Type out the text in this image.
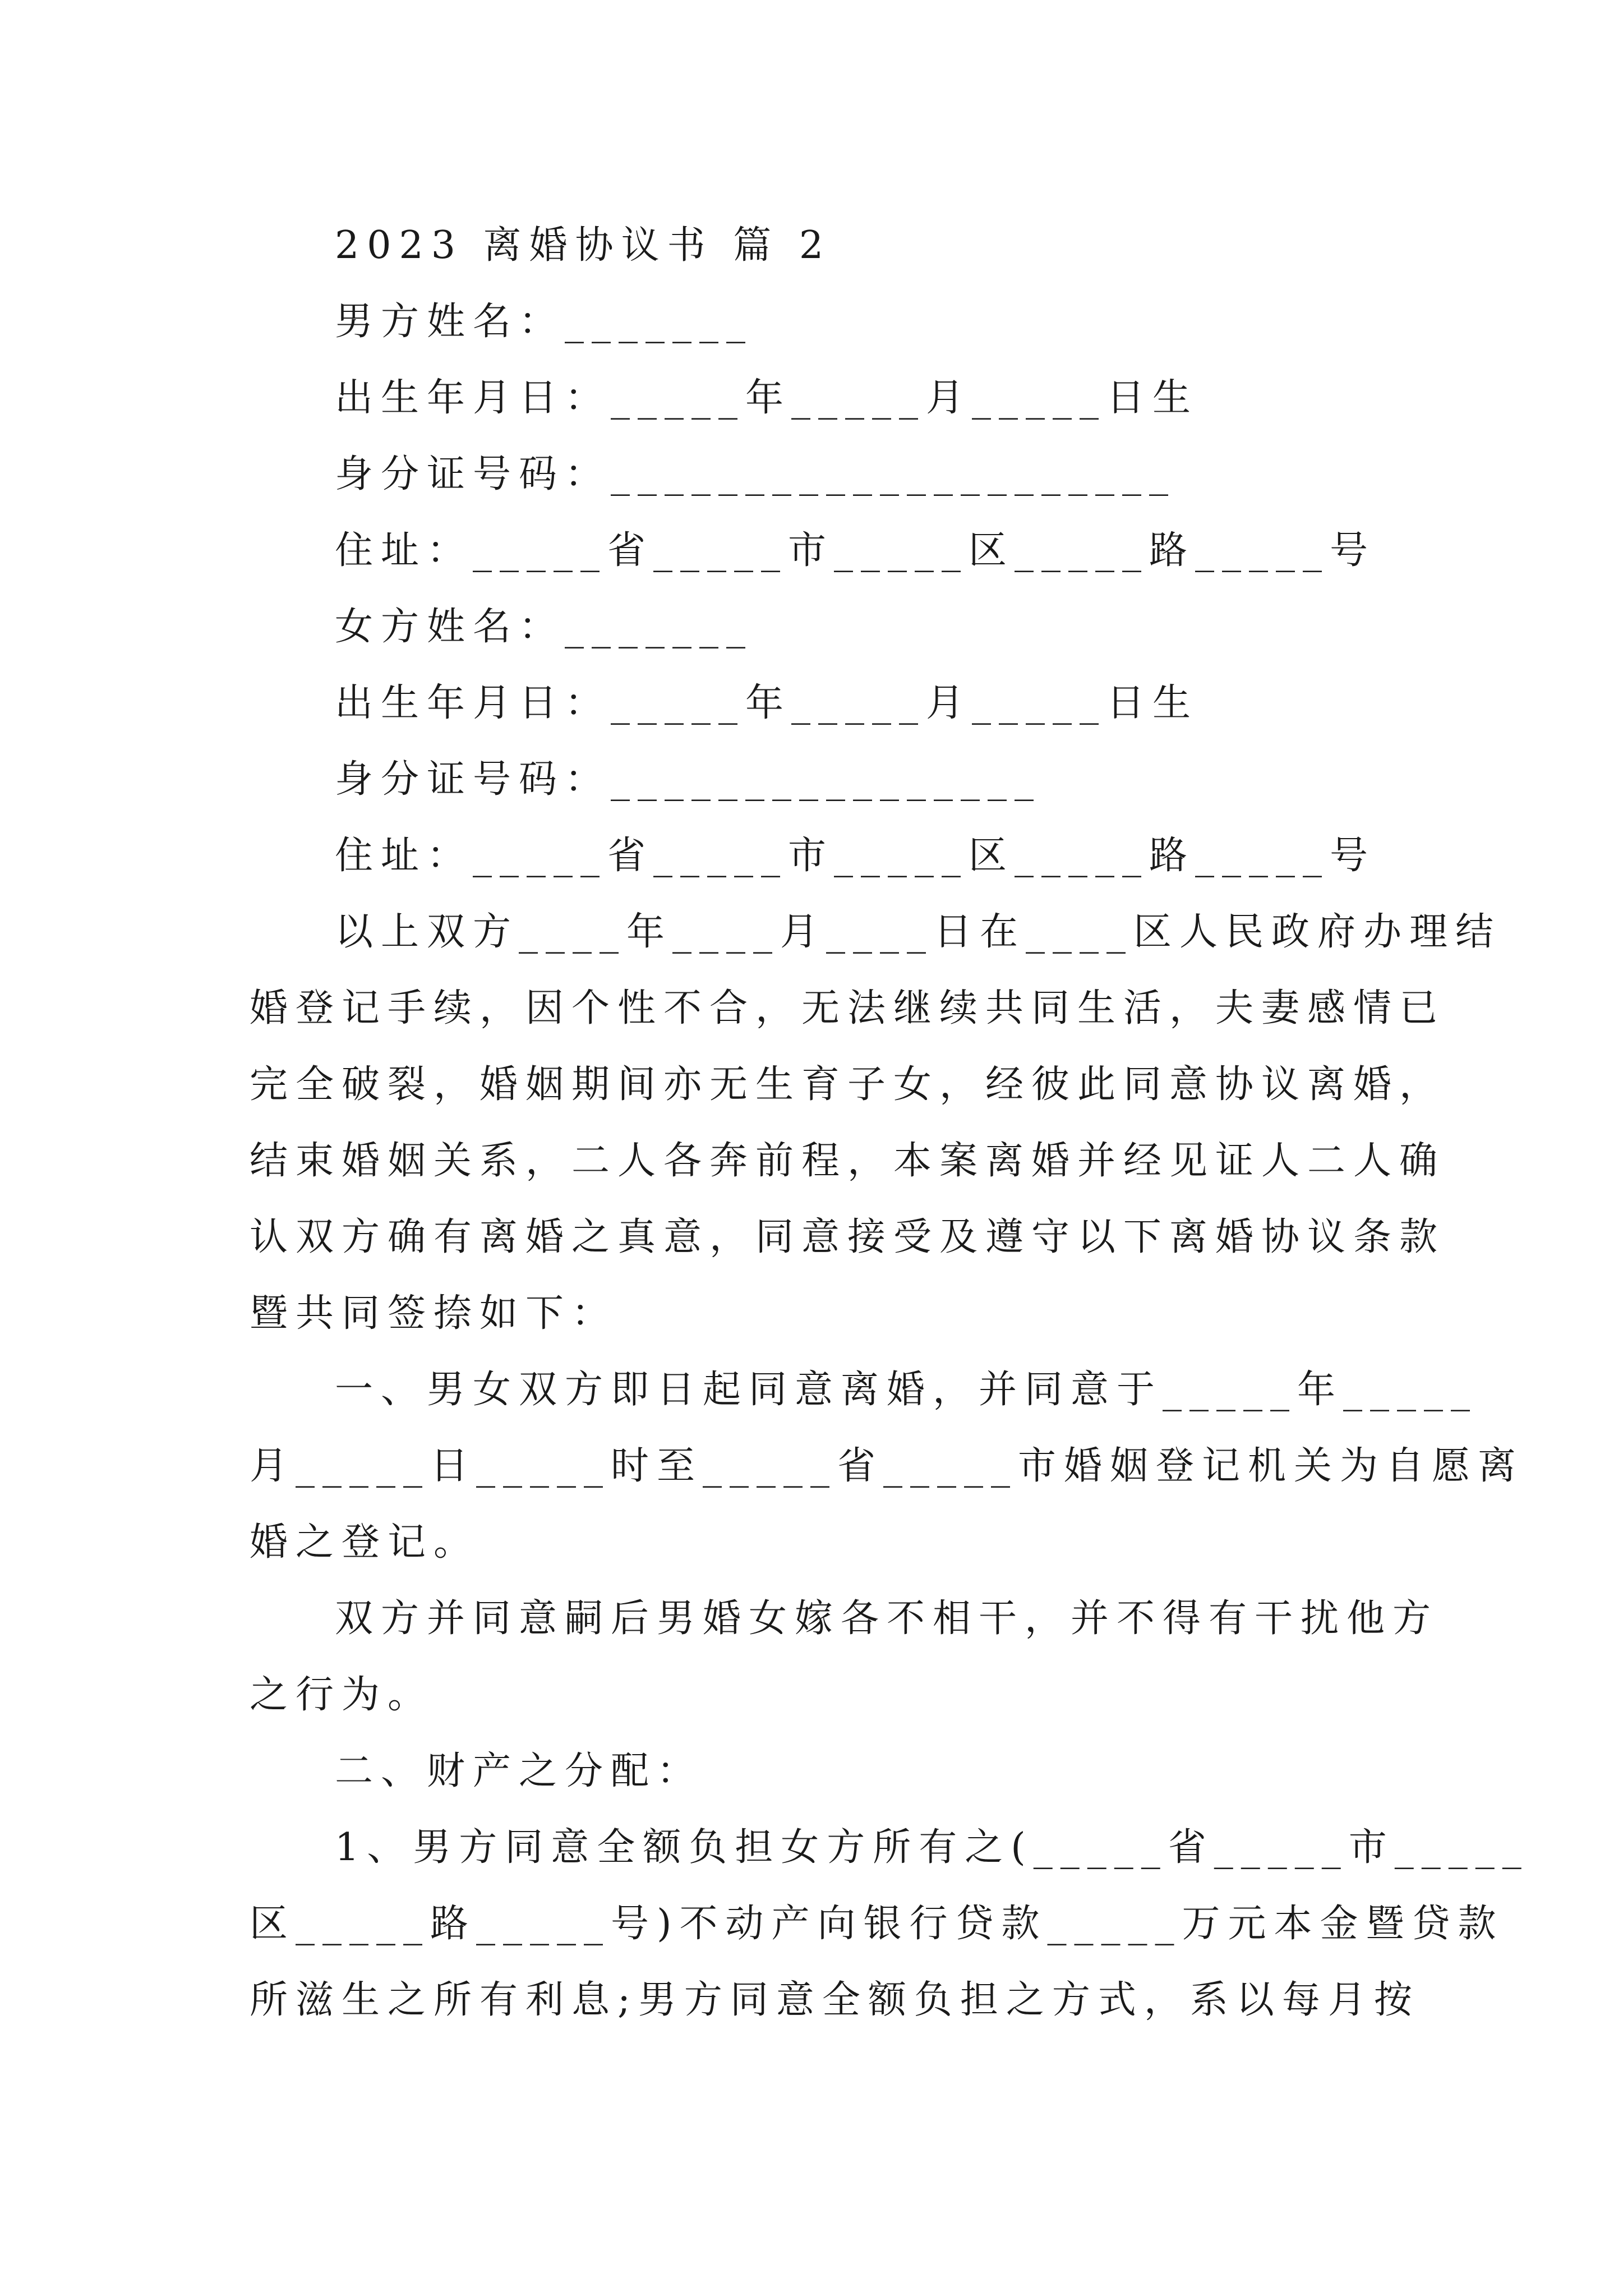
2023 离婚协议书 篇 2
男方姓名：_______
出生年月日：_____年_____月_____日生
身分证号码：_____________________
住址：_____省_____市_____区_____路_____号
女方姓名：_______
出生年月日：_____年_____月_____日生
身分证号码：________________
住址：_____省_____市_____区_____路_____号
以上双方____年____月____日在____区人民政府办理结
婚登记手续，因个性不合，无法继续共同生活，夫妻感情已
完全破裂，婚姻期间亦无生育子女，经彼此同意协议离婚，
结束婚姻关系，二人各奔前程，本案离婚并经见证人二人确
认双方确有离婚之真意，同意接受及遵守以下离婚协议条款
暨共同签捺如下：
一、男女双方即日起同意离婚，并同意于_____年_____
月_____日_____时至_____省_____市婚姻登记机关为自愿离
婚之登记。
双方并同意嗣后男婚女嫁各不相干，并不得有干扰他方
之行为。
二、财产之分配：
1、男方同意全额负担女方所有之(_____省_____市_____
区_____路_____号)不动产向银行贷款_____万元本金暨贷款
所滋生之所有利息;男方同意全额负担之方式，系以每月按
